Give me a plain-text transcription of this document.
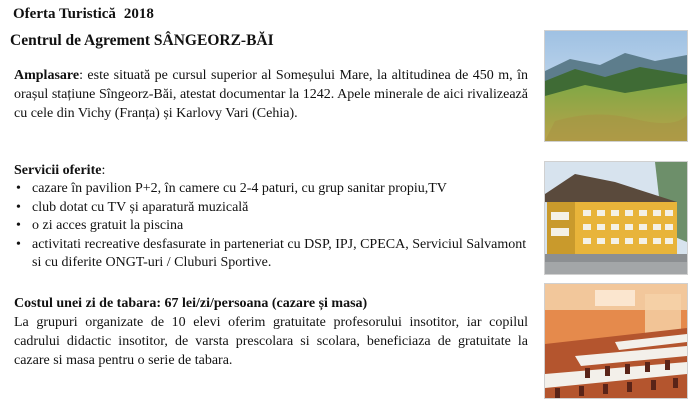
Oferta Turistică 2018
Centrul de Agrement SÂNGEORZ-BĂI
Amplasare: este situată pe cursul superior al Someșului Mare, la altitudinea de 450 m, în orașul stațiune Sîngeorz-Băi, atestat documentar la 1242. Apele minerale de aici rivalizează cu cele din Vichy (Franța) și Karlovy Vari (Cehia).
Servicii oferite:
• cazare în pavilion P+2, în camere cu 2-4 paturi, cu grup sanitar propiu,TV
• club dotat cu TV și aparatură muzicală
• o zi acces gratuit la piscina
• activitati recreative desfasurate in parteneriat cu DSP, IPJ, CPECA, Serviciul Salvamont si cu diferite ONGT-uri / Cluburi Sportive.
Costul unei zi de tabara: 67 lei/zi/persoana (cazare și masa)
La grupuri organizate de 10 elevi oferim gratuitate profesorului insotitor, iar copilul cadrului didactic insotitor, de varsta prescolara si scolara, beneficiaza de gratuitate la cazare si masa pentru o serie de tabara.
